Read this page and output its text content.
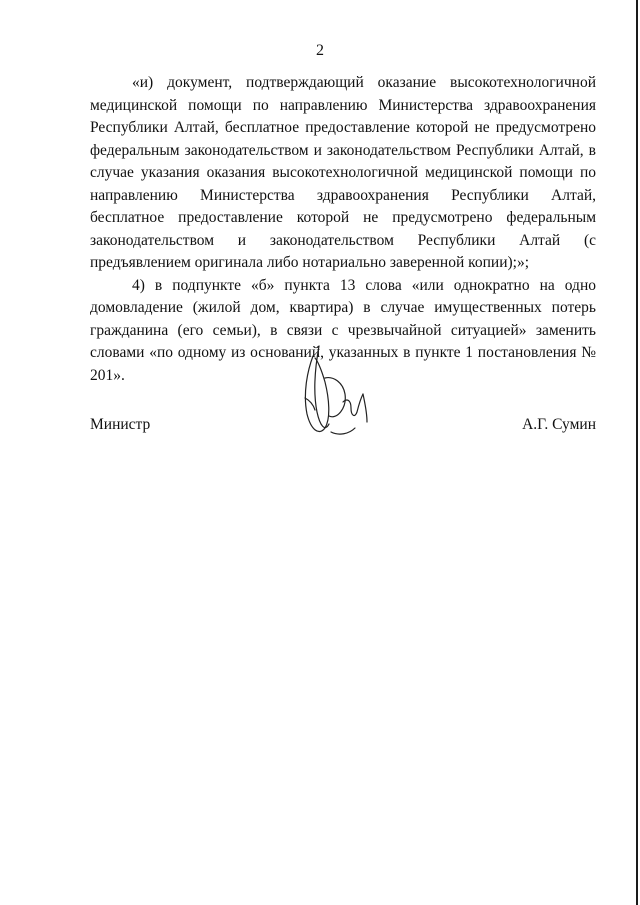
2

«и) документ, подтверждающий оказание высокотехнологичной медицинской помощи по направлению Министерства здравоохранения Республики Алтай, бесплатное предоставление которой не предусмотрено федеральным законодательством и законодательством Республики Алтай, в случае указания оказания высокотехнологичной медицинской помощи по направлению Министерства здравоохранения Республики Алтай, бесплатное предоставление которой не предусмотрено федеральным законодательством и законодательством Республики Алтай (с предъявлением оригинала либо нотариально заверенной копии);»;

4) в подпункте «б» пункта 13 слова «или однократно на одно домовладение (жилой дом, квартира) в случае имущественных потерь гражданина (его семьи), в связи с чрезвычайной ситуацией» заменить словами «по одному из оснований, указанных в пункте 1 постановления № 201».

Министр	А.Г. Сумин
